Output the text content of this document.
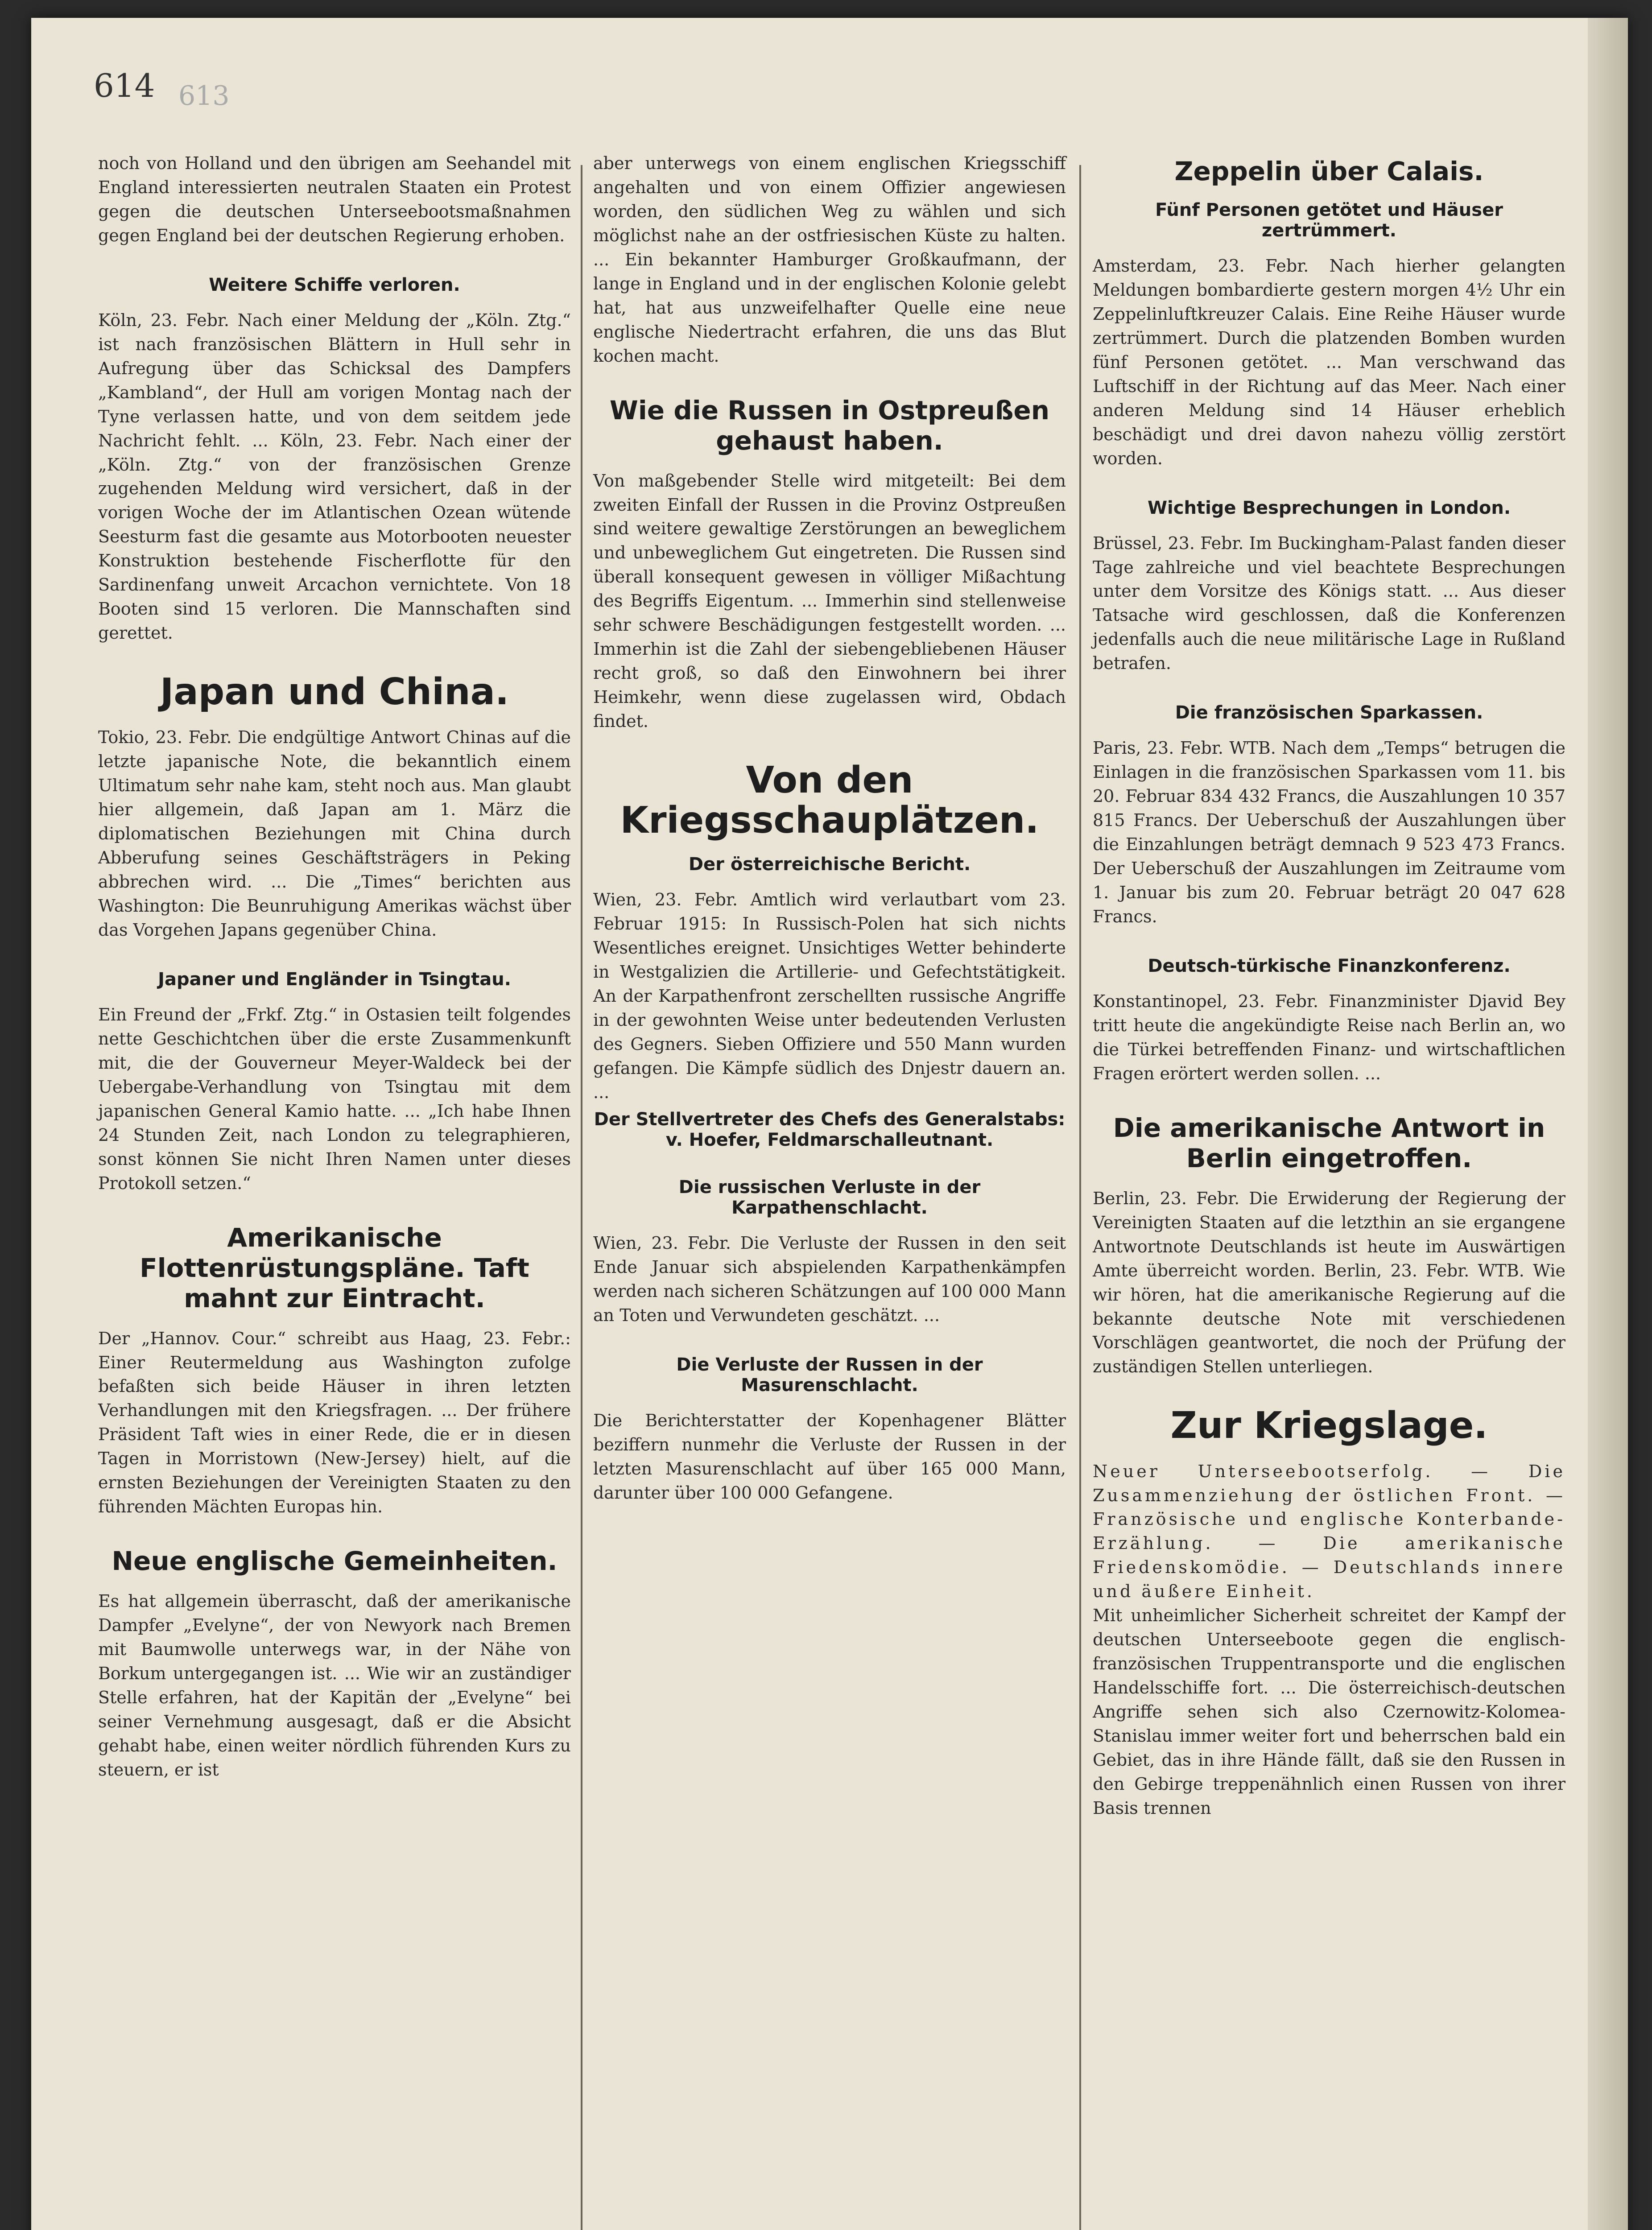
614 613
noch von Holland und den übrigen am Seehandel mit England interessierten neutralen Staaten ein Protest gegen die deutschen Unterseebootsmaßnahmen gegen England bei der deutschen Regierung erhoben.
Weitere Schiffe verloren.
Köln, 23. Febr. Nach einer Meldung der „Köln. Ztg.“ ist nach französischen Blättern in Hull sehr in Aufregung über das Schicksal des Dampfers „Kambland“, der Hull am vorigen Montag nach der Tyne verlassen hatte, und von dem seitdem jede Nachricht fehlt. ... Köln, 23. Febr. Nach einer der „Köln. Ztg.“ von der französischen Grenze zugehenden Meldung wird versichert, daß in der vorigen Woche der im Atlantischen Ozean wütende Seesturm fast die gesamte aus Motorbooten neuester Konstruktion bestehende Fischerflotte für den Sardinenfang unweit Arcachon vernichtete. Von 18 Booten sind 15 verloren. Die Mannschaften sind gerettet.
Japan und China.
Tokio, 23. Febr. Die endgültige Antwort Chinas auf die letzte japanische Note, die bekanntlich einem Ultimatum sehr nahe kam, steht noch aus. Man glaubt hier allgemein, daß Japan am 1. März die diplomatischen Beziehungen mit China durch Abberufung seines Geschäftsträgers in Peking abbrechen wird. ... Die „Times“ berichten aus Washington: Die Beunruhigung Amerikas wächst über das Vorgehen Japans gegenüber China.
Japaner und Engländer in Tsingtau.
Ein Freund der „Frkf. Ztg.“ in Ostasien teilt folgendes nette Geschichtchen über die erste Zusammenkunft mit, die der Gouverneur Meyer-Waldeck bei der Uebergabe-Verhandlung von Tsingtau mit dem japanischen General Kamio hatte. ... „Ich habe Ihnen 24 Stunden Zeit, nach London zu telegraphieren, sonst können Sie nicht Ihren Namen unter dieses Protokoll setzen.“
Amerikanische Flottenrüstungspläne. Taft mahnt zur Eintracht.
Der „Hannov. Cour.“ schreibt aus Haag, 23. Febr.: Einer Reutermeldung aus Washington zufolge befaßten sich beide Häuser in ihren letzten Verhandlungen mit den Kriegsfragen. ... Der frühere Präsident Taft wies in einer Rede, die er in diesen Tagen in Morristown (New-Jersey) hielt, auf die ernsten Beziehungen der Vereinigten Staaten zu den führenden Mächten Europas hin.
Neue englische Gemeinheiten.
Es hat allgemein überrascht, daß der amerikanische Dampfer „Evelyne“, der von Newyork nach Bremen mit Baumwolle unterwegs war, in der Nähe von Borkum untergegangen ist. ... Wie wir an zuständiger Stelle erfahren, hat der Kapitän der „Evelyne“ bei seiner Vernehmung ausgesagt, daß er die Absicht gehabt habe, einen weiter nördlich führenden Kurs zu steuern, er ist
aber unterwegs von einem englischen Kriegsschiff angehalten und von einem Offizier angewiesen worden, den südlichen Weg zu wählen und sich möglichst nahe an der ostfriesischen Küste zu halten. ... Ein bekannter Hamburger Großkaufmann, der lange in England und in der englischen Kolonie gelebt hat, hat aus unzweifelhafter Quelle eine neue englische Niedertracht erfahren, die uns das Blut kochen macht.
Wie die Russen in Ostpreußen gehaust haben.
Von maßgebender Stelle wird mitgeteilt: Bei dem zweiten Einfall der Russen in die Provinz Ostpreußen sind weitere gewaltige Zerstörungen an beweglichem und unbeweglichem Gut eingetreten. Die Russen sind überall konsequent gewesen in völliger Mißachtung des Begriffs Eigentum. ... Immerhin sind stellenweise sehr schwere Beschädigungen festgestellt worden. ... Immerhin ist die Zahl der siebengebliebenen Häuser recht groß, so daß den Einwohnern bei ihrer Heimkehr, wenn diese zugelassen wird, Obdach findet.
Von den Kriegsschauplätzen.
Der österreichische Bericht.
Wien, 23. Febr. Amtlich wird verlautbart vom 23. Februar 1915: In Russisch-Polen hat sich nichts Wesentliches ereignet. Unsichtiges Wetter behinderte in Westgalizien die Artillerie- und Gefechtstätigkeit. An der Karpathenfront zerschellten russische Angriffe in der gewohnten Weise unter bedeutenden Verlusten des Gegners. Sieben Offiziere und 550 Mann wurden gefangen. Die Kämpfe südlich des Dnjestr dauern an. ...
Der Stellvertreter des Chefs des Generalstabs: v. Hoefer, Feldmarschalleutnant.
Die russischen Verluste in der Karpathenschlacht.
Wien, 23. Febr. Die Verluste der Russen in den seit Ende Januar sich abspielenden Karpathenkämpfen werden nach sicheren Schätzungen auf 100 000 Mann an Toten und Verwundeten geschätzt. ...
Die Verluste der Russen in der Masurenschlacht.
Die Berichterstatter der Kopenhagener Blätter beziffern nunmehr die Verluste der Russen in der letzten Masurenschlacht auf über 165 000 Mann, darunter über 100 000 Gefangene.
Zeppelin über Calais.
Fünf Personen getötet und Häuser zertrümmert.
Amsterdam, 23. Febr. Nach hierher gelangten Meldungen bombardierte gestern morgen 4½ Uhr ein Zeppelinluftkreuzer Calais. Eine Reihe Häuser wurde zertrümmert. Durch die platzenden Bomben wurden fünf Personen getötet. ... Man verschwand das Luftschiff in der Richtung auf das Meer. Nach einer anderen Meldung sind 14 Häuser erheblich beschädigt und drei davon nahezu völlig zerstört worden.
Wichtige Besprechungen in London.
Brüssel, 23. Febr. Im Buckingham-Palast fanden dieser Tage zahlreiche und viel beachtete Besprechungen unter dem Vorsitze des Königs statt. ... Aus dieser Tatsache wird geschlossen, daß die Konferenzen jedenfalls auch die neue militärische Lage in Rußland betrafen.
Die französischen Sparkassen.
Paris, 23. Febr. WTB. Nach dem „Temps“ betrugen die Einlagen in die französischen Sparkassen vom 11. bis 20. Februar 834 432 Francs, die Auszahlungen 10 357 815 Francs. Der Ueberschuß der Auszahlungen über die Einzahlungen beträgt demnach 9 523 473 Francs. Der Ueberschuß der Auszahlungen im Zeitraume vom 1. Januar bis zum 20. Februar beträgt 20 047 628 Francs.
Deutsch-türkische Finanzkonferenz.
Konstantinopel, 23. Febr. Finanzminister Djavid Bey tritt heute die angekündigte Reise nach Berlin an, wo die Türkei betreffenden Finanz- und wirtschaftlichen Fragen erörtert werden sollen. ...
Die amerikanische Antwort in Berlin eingetroffen.
Berlin, 23. Febr. Die Erwiderung der Regierung der Vereinigten Staaten auf die letzthin an sie ergangene Antwortnote Deutschlands ist heute im Auswärtigen Amte überreicht worden. Berlin, 23. Febr. WTB. Wie wir hören, hat die amerikanische Regierung auf die bekannte deutsche Note mit verschiedenen Vorschlägen geantwortet, die noch der Prüfung der zuständigen Stellen unterliegen.
Zur Kriegslage.
Neuer Unterseebootserfolg. — Die Zusammenziehung der östlichen Front. — Französische und englische Konterbande-Erzählung. — Die amerikanische Friedenskomödie. — Deutschlands innere und äußere Einheit.
Mit unheimlicher Sicherheit schreitet der Kampf der deutschen Unterseeboote gegen die englisch-französischen Truppentransporte und die englischen Handelsschiffe fort. ... Die österreichisch-deutschen Angriffe sehen sich also Czernowitz-Kolomea-Stanislau immer weiter fort und beherrschen bald ein Gebiet, das in ihre Hände fällt, daß sie den Russen in den Gebirge treppenähnlich einen Russen von ihrer Basis trennen
